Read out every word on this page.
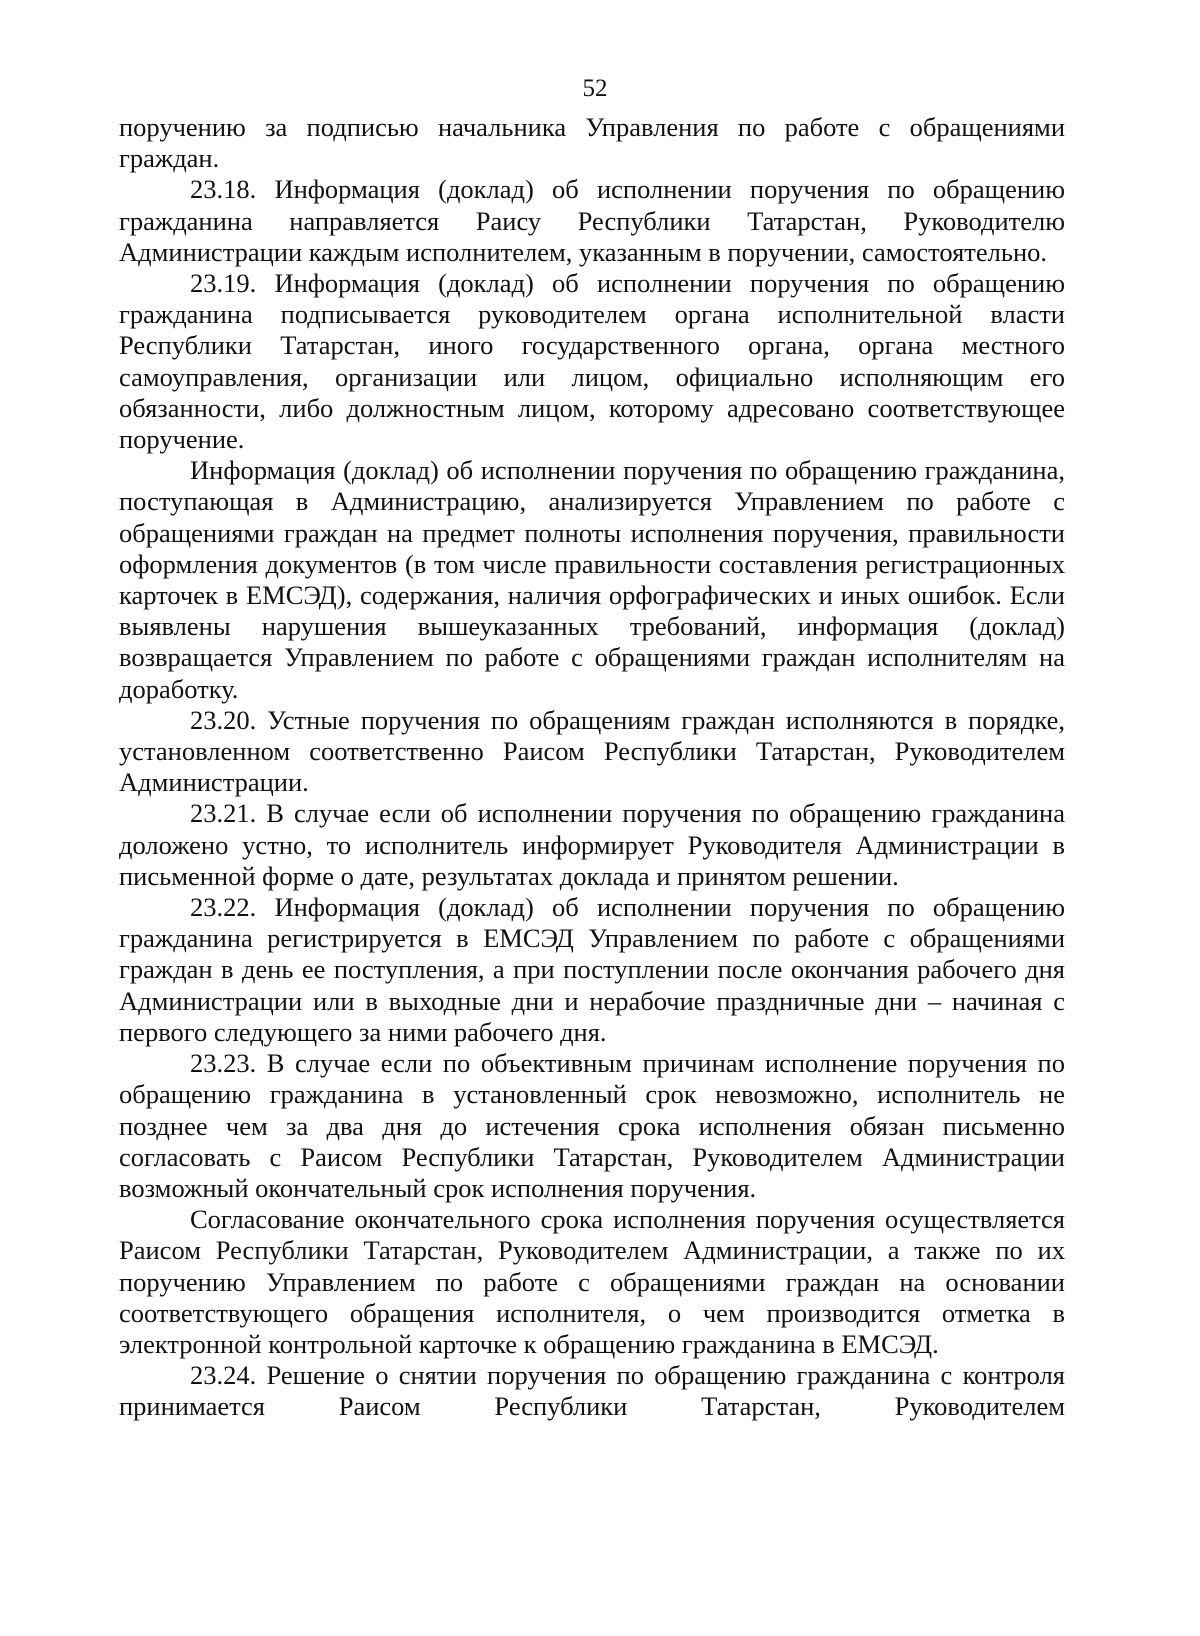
52

поручению за подписью начальника Управления по работе с обращениями граждан.

23.18. Информация (доклад) об исполнении поручения по обращению гражданина направляется Раису Республики Татарстан, Руководителю Администрации каждым исполнителем, указанным в поручении, самостоятельно.

23.19. Информация (доклад) об исполнении поручения по обращению гражданина подписывается руководителем органа исполнительной власти Республики Татарстан, иного государственного органа, органа местного самоуправления, организации или лицом, официально исполняющим его обязанности, либо должностным лицом, которому адресовано соответствующее поручение.

Информация (доклад) об исполнении поручения по обращению гражданина, поступающая в Администрацию, анализируется Управлением по работе с обращениями граждан на предмет полноты исполнения поручения, правильности оформления документов (в том числе правильности составления регистрационных карточек в ЕМСЭД), содержания, наличия орфографических и иных ошибок. Если выявлены нарушения вышеуказанных требований, информация (доклад) возвращается Управлением по работе с обращениями граждан исполнителям на доработку.

23.20. Устные поручения по обращениям граждан исполняются в порядке, установленном соответственно Раисом Республики Татарстан, Руководителем Администрации.

23.21. В случае если об исполнении поручения по обращению гражданина доложено устно, то исполнитель информирует Руководителя Администрации в письменной форме о дате, результатах доклада и принятом решении.

23.22. Информация (доклад) об исполнении поручения по обращению гражданина регистрируется в ЕМСЭД Управлением по работе с обращениями граждан в день ее поступления, а при поступлении после окончания рабочего дня Администрации или в выходные дни и нерабочие праздничные дни – начиная с первого следующего за ними рабочего дня.

23.23. В случае если по объективным причинам исполнение поручения по обращению гражданина в установленный срок невозможно, исполнитель не позднее чем за два дня до истечения срока исполнения обязан письменно согласовать с Раисом Республики Татарстан, Руководителем Администрации возможный окончательный срок исполнения поручения.

Согласование окончательного срока исполнения поручения осуществляется Раисом Республики Татарстан, Руководителем Администрации, а также по их поручению Управлением по работе с обращениями граждан на основании соответствующего обращения исполнителя, о чем производится отметка в электронной контрольной карточке к обращению гражданина в ЕМСЭД.

23.24. Решение о снятии поручения по обращению гражданина с контроля принимается Раисом Республики Татарстан, Руководителем
